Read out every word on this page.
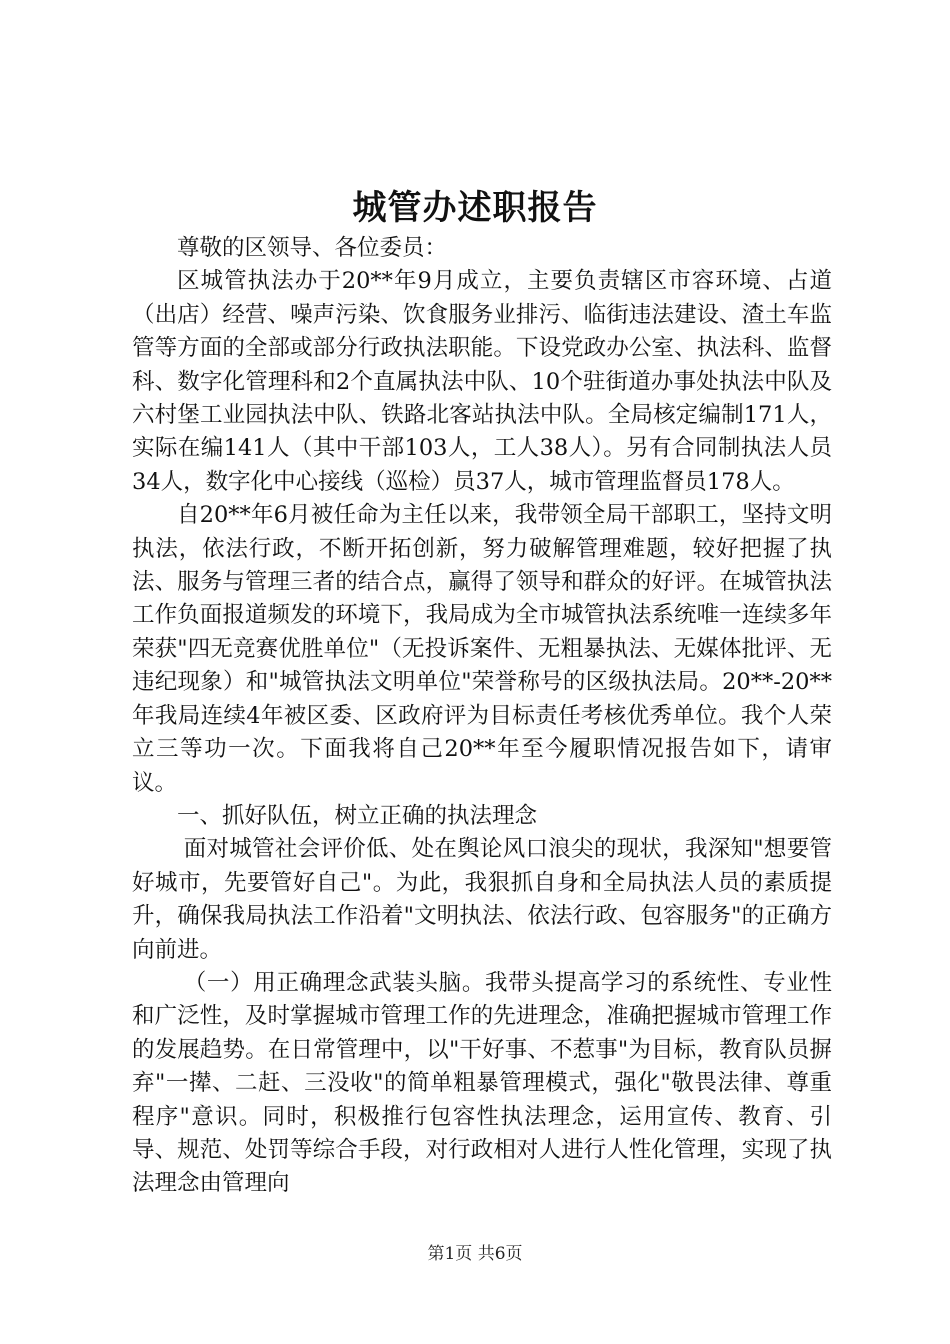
城管办述职报告

尊敬的区领导、各位委员：

区城管执法办于20**年9月成立，主要负责辖区市容环境、占道（出店）经营、噪声污染、饮食服务业排污、临街违法建设、渣土车监管等方面的全部或部分行政执法职能。下设党政办公室、执法科、监督科、数字化管理科和2个直属执法中队、10个驻街道办事处执法中队及六村堡工业园执法中队、铁路北客站执法中队。全局核定编制171人，实际在编141人（其中干部103人，工人38人）。另有合同制执法人员34人，数字化中心接线（巡检）员37人，城市管理监督员178人。

自20**年6月被任命为主任以来，我带领全局干部职工，坚持文明执法，依法行政，不断开拓创新，努力破解管理难题，较好把握了执法、服务与管理三者的结合点，赢得了领导和群众的好评。在城管执法工作负面报道频发的环境下，我局成为全市城管执法系统唯一连续多年荣获"四无竞赛优胜单位"（无投诉案件、无粗暴执法、无媒体批评、无违纪现象）和"城管执法文明单位"荣誉称号的区级执法局。20**-20**年我局连续4年被区委、区政府评为目标责任考核优秀单位。我个人荣立三等功一次。下面我将自己20**年至今履职情况报告如下，请审议。

一、抓好队伍，树立正确的执法理念

面对城管社会评价低、处在舆论风口浪尖的现状，我深知"想要管好城市，先要管好自己"。为此，我狠抓自身和全局执法人员的素质提升，确保我局执法工作沿着"文明执法、依法行政、包容服务"的正确方向前进。

（一）用正确理念武装头脑。我带头提高学习的系统性、专业性和广泛性，及时掌握城市管理工作的先进理念，准确把握城市管理工作的发展趋势。在日常管理中，以"干好事、不惹事"为目标，教育队员摒弃"一撵、二赶、三没收"的简单粗暴管理模式，强化"敬畏法律、尊重程序"意识。同时，积极推行包容性执法理念，运用宣传、教育、引导、规范、处罚等综合手段，对行政相对人进行人性化管理，实现了执法理念由管理向

第1页 共6页
